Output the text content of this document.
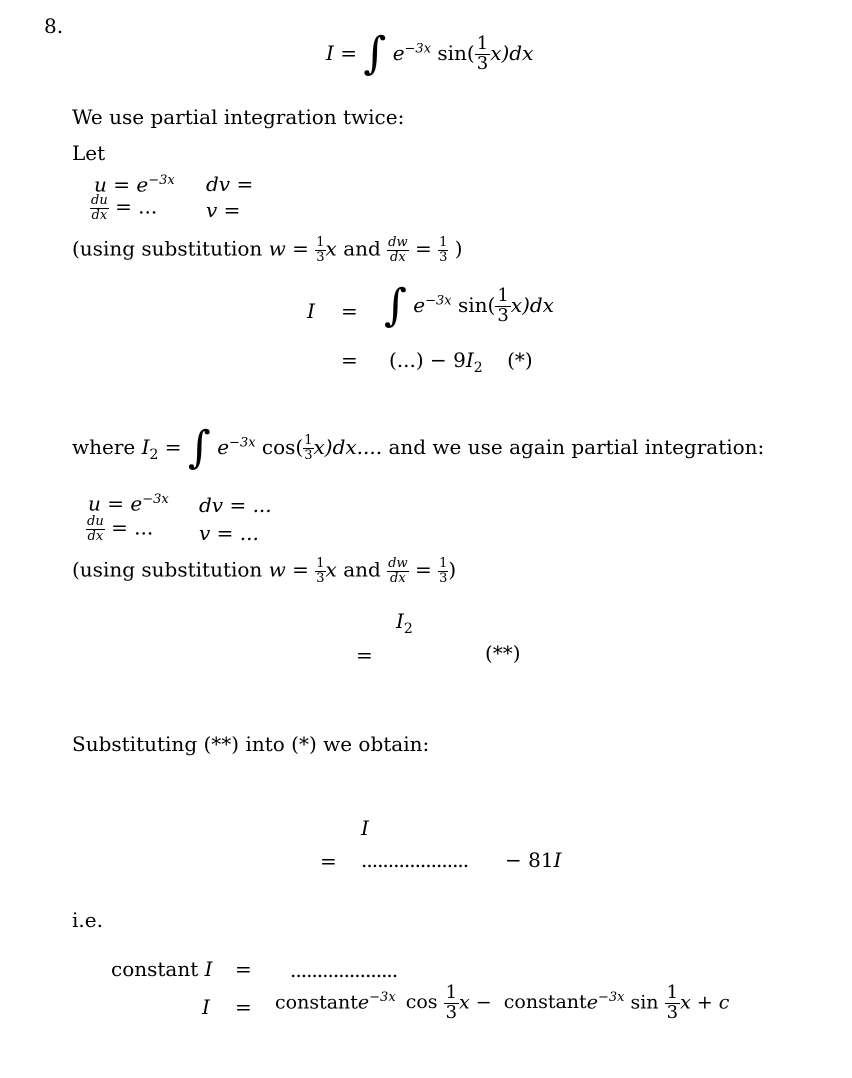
8.
I = ∫ $e^{-3x}$ $\sin( \frac{1}{3} x)dx$
We use partial integration twice:
Let
$u = e^{-3x}$ dv =
$\frac{du}{dx}$ = ... v =
(using substitution $w = \frac{1}{3}$ x and $\frac{dw}{dx} = \frac{1}{3}$ )
I = ∫ $e^{-3x}$ $\sin( \frac{1}{3} x)dx$
= (...) − $9I_2$ (*)
where $I_2$ = ∫ $e^{-3x}$ $\cos( \frac{1}{3} x)dx$.... and we use again partial integration:
$u = e^{-3x}$ dv = ...
$\frac{du}{dx}$ = ... v = ...
(using substitution $w = \frac{1}{3}$ x and $\frac{dw}{dx} = \frac{1}{3}$ )
$I_2$
=	(**)
Substituting (**) into (*) we obtain:
I
= .................... − 81I
i.e.
constant I = ....................
I = constante$^{-3x}$ $\cos \frac{1}{3}$ x − constante$^{-3x}$ $\sin \frac{1}{3}$ x + c
